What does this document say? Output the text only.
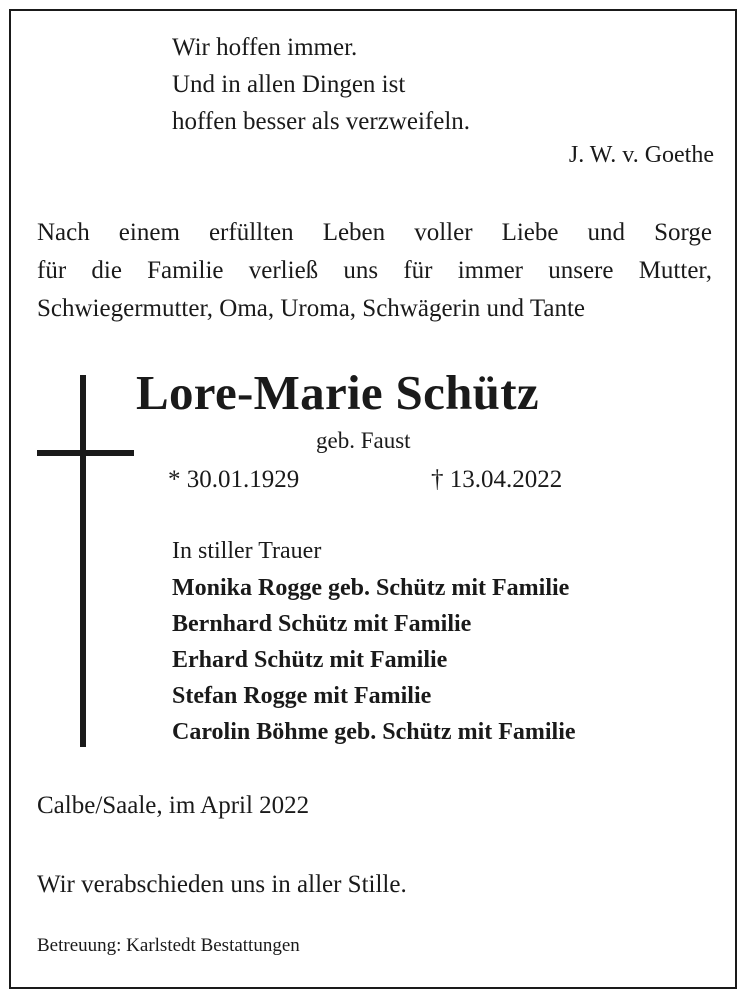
Wir hoffen immer.
Und in allen Dingen ist
hoffen besser als verzweifeln.
J. W. v. Goethe
Nach einem erfüllten Leben voller Liebe und Sorge
für die Familie verließ uns für immer unsere Mutter,
Schwiegermutter, Oma, Uroma, Schwägerin und Tante
Lore-Marie Schütz
geb. Faust
* 30.01.1929	† 13.04.2022
In stiller Trauer
Monika Rogge geb. Schütz mit Familie
Bernhard Schütz mit Familie
Erhard Schütz mit Familie
Stefan Rogge mit Familie
Carolin Böhme geb. Schütz mit Familie
Calbe/Saale, im April 2022
Wir verabschieden uns in aller Stille.
Betreuung: Karlstedt Bestattungen
